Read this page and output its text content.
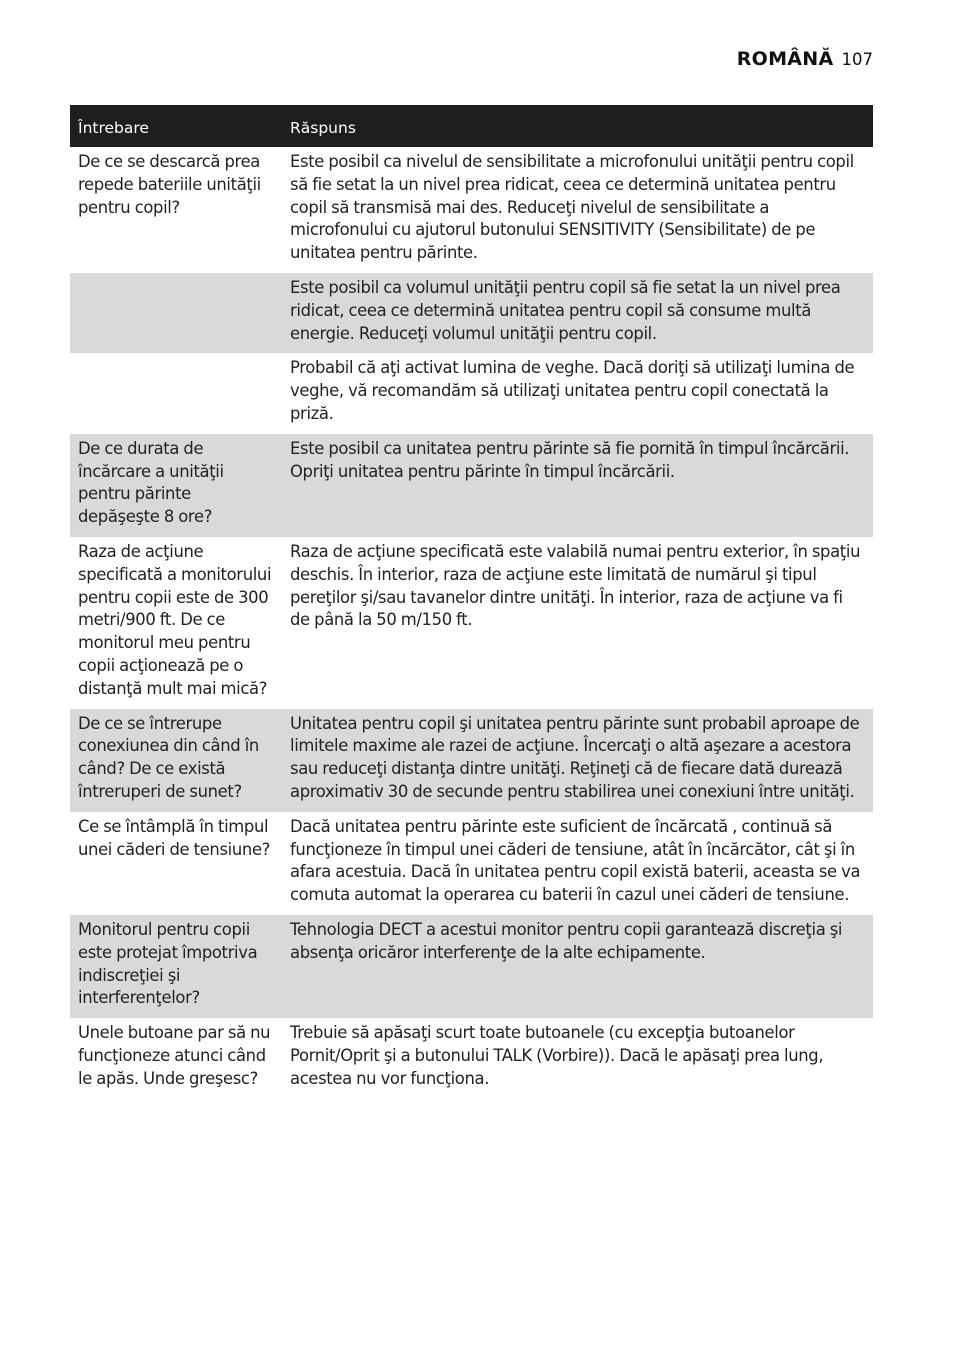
ROMÂNĂ 107
Întrebare	Răspuns
De ce se descarcă prea repede bateriile unităţii pentru copil?	Este posibil ca nivelul de sensibilitate a microfonului unităţii pentru copil să fie setat la un nivel prea ridicat, ceea ce determină unitatea pentru copil să transmisă mai des. Reduceţi nivelul de sensibilitate a microfonului cu ajutorul butonului SENSITIVITY (Sensibilitate) de pe unitatea pentru părinte.
	Este posibil ca volumul unităţii pentru copil să fie setat la un nivel prea ridicat, ceea ce determină unitatea pentru copil să consume multă energie. Reduceţi volumul unităţii pentru copil.
	Probabil că aţi activat lumina de veghe. Dacă doriţi să utilizaţi lumina de veghe, vă recomandăm să utilizaţi unitatea pentru copil conectată la priză.
De ce durata de încărcare a unităţii pentru părinte depăşeşte 8 ore?	Este posibil ca unitatea pentru părinte să fie pornită în timpul încărcării. Opriţi unitatea pentru părinte în timpul încărcării.
Raza de acţiune specificată a monitorului pentru copii este de 300 metri/900 ft. De ce monitorul meu pentru copii acţionează pe o distanţă mult mai mică?	Raza de acţiune specificată este valabilă numai pentru exterior, în spaţiu deschis. În interior, raza de acţiune este limitată de numărul şi tipul pereţilor şi/sau tavanelor dintre unităţi. În interior, raza de acţiune va fi de până la 50 m/150 ft.
De ce se întrerupe conexiunea din când în când? De ce există întreruperi de sunet?	Unitatea pentru copil şi unitatea pentru părinte sunt probabil aproape de limitele maxime ale razei de acţiune. Încercaţi o altă aşezare a acestora sau reduceţi distanţa dintre unităţi. Reţineţi că de fiecare dată durează aproximativ 30 de secunde pentru stabilirea unei conexiuni între unităţi.
Ce se întâmplă în timpul unei căderi de tensiune?	Dacă unitatea pentru părinte este suficient de încărcată , continuă să funcţioneze în timpul unei căderi de tensiune, atât în încărcător, cât şi în afara acestuia. Dacă în unitatea pentru copil există baterii, aceasta se va comuta automat la operarea cu baterii în cazul unei căderi de tensiune.
Monitorul pentru copii este protejat împotriva indiscreţiei şi interferenţelor?	Tehnologia DECT a acestui monitor pentru copii garantează discreţia şi absenţa oricăror interferenţe de la alte echipamente.
Unele butoane par să nu funcţioneze atunci când le apăs. Unde greşesc?	Trebuie să apăsaţi scurt toate butoanele (cu excepţia butoanelor Pornit/Oprit şi a butonului TALK (Vorbire)). Dacă le apăsaţi prea lung, acestea nu vor funcţiona.
